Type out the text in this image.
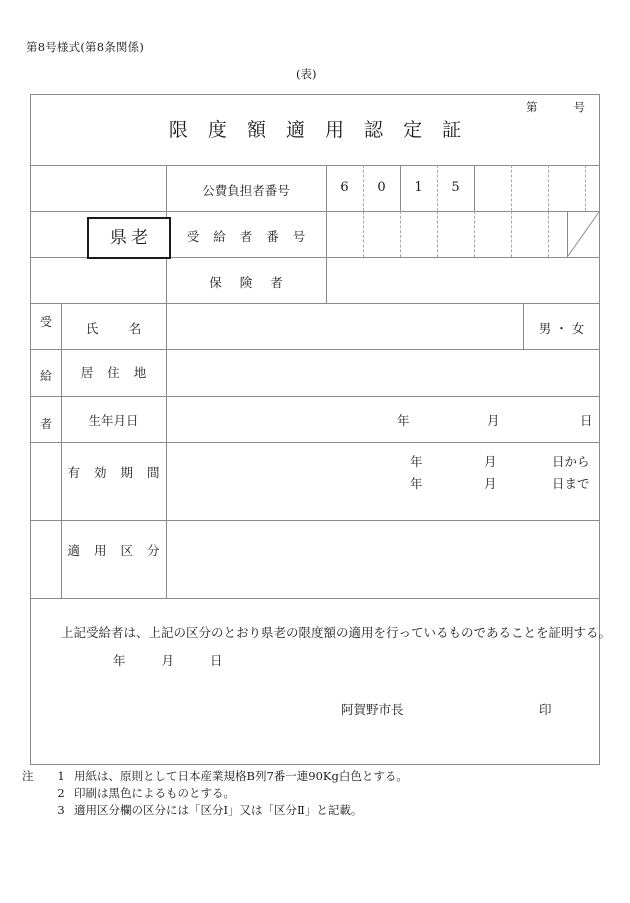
第8号様式(第8条関係)
(表)
第	号
限 度 額 適 用 認 定 証
公費負担者番号	6	0	1	5
受 給 者 番 号
保 険 者
県老
受
給
者
氏　名	男 ・ 女
居 住 地
生年月日	年	月	日
有 効 期 間
年	月	日から
年	月	日まで
適 用 区 分
上記受給者は、上記の区分のとおり県老の限度額の適用を行っているものであることを証明する。
年	月	日
阿賀野市長	印
注 1 用紙は、原則として日本産業規格B列7番一連90Kg白色とする。
2 印刷は黒色によるものとする。
3 適用区分欄の区分には「区分Ⅰ」又は「区分Ⅱ」と記載。
